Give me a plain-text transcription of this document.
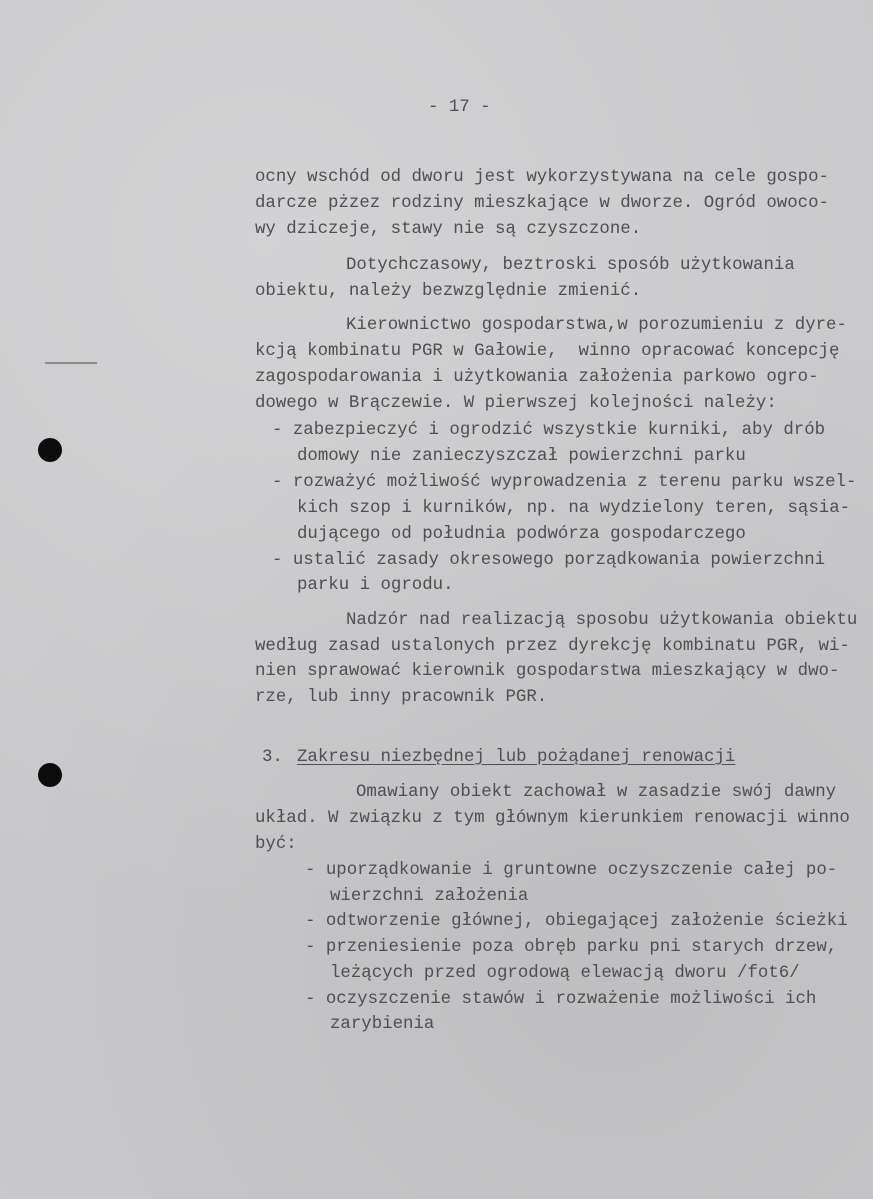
- 17 -
ocny wschód od dworu jest wykorzystywana na cele gospo-
darcze pżzez rodziny mieszkające w dworze. Ogród owoco-
wy dziczeje, stawy nie są czyszczone.
Dotychczasowy, beztroski sposób użytkowania
obiektu, należy bezwzględnie zmienić.
Kierownictwo gospodarstwa,w porozumieniu z dyre-
kcją kombinatu PGR w Gałowie,  winno opracować koncepcję
zagospodarowania i użytkowania założenia parkowo ogro-
dowego w Brączewie. W pierwszej kolejności należy:
- zabezpieczyć i ogrodzić wszystkie kurniki, aby drób
domowy nie zanieczyszczał powierzchni parku
- rozważyć możliwość wyprowadzenia z terenu parku wszel-
kich szop i kurników, np. na wydzielony teren, sąsia-
dującego od południa podwórza gospodarczego
- ustalić zasady okresowego porządkowania powierzchni
parku i ogrodu.
Nadzór nad realizacją sposobu użytkowania obiektu
według zasad ustalonych przez dyrekcję kombinatu PGR, wi-
nien sprawować kierownik gospodarstwa mieszkający w dwo-
rze, lub inny pracownik PGR.
3. Zakresu niezbędnej lub pożądanej renowacji
Omawiany obiekt zachował w zasadzie swój dawny
układ. W związku z tym głównym kierunkiem renowacji winno
być:
- uporządkowanie i gruntowne oczyszczenie całej po-
wierzchni założenia
- odtworzenie głównej, obiegającej założenie ścieżki
- przeniesienie poza obręb parku pni starych drzew,
leżących przed ogrodową elewacją dworu /fot6/
- oczyszczenie stawów i rozważenie możliwości ich
zarybienia
